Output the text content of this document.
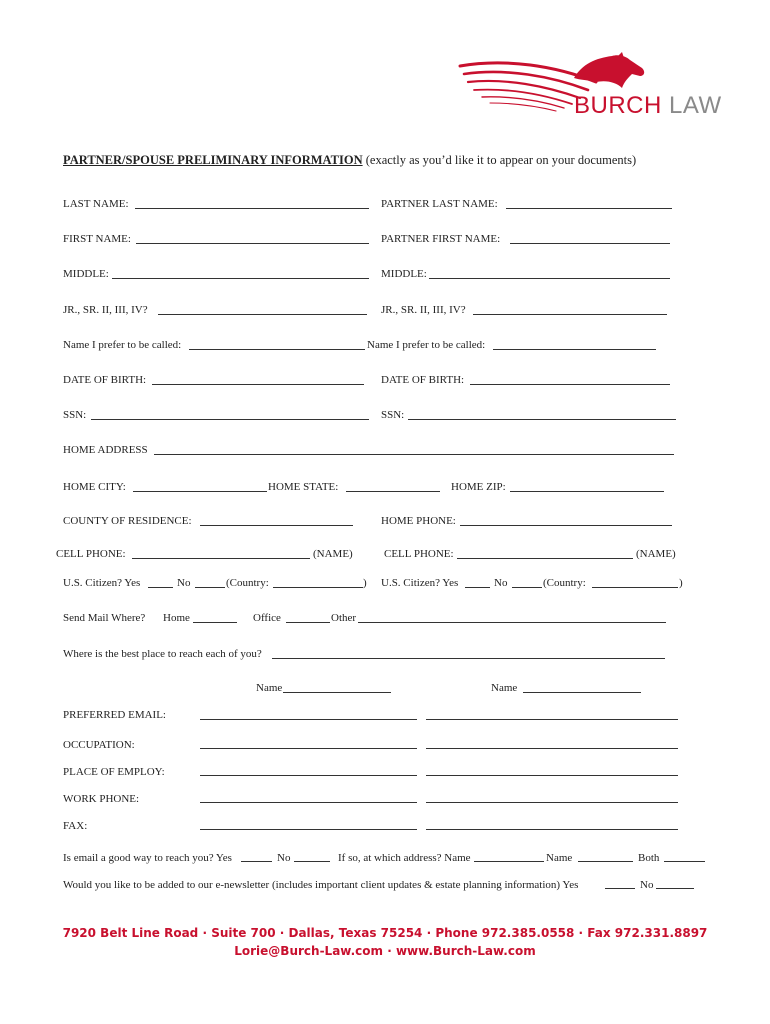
BURCH LAW
PARTNER/SPOUSE PRELIMINARY INFORMATION (exactly as you’d like it to appear on your documents)
LAST NAME:	PARTNER LAST NAME:
FIRST NAME:	PARTNER FIRST NAME:
MIDDLE:	MIDDLE:
JR., SR. II, III, IV?	JR., SR. II, III, IV?
Name I prefer to be called:	Name I prefer to be called:
DATE OF BIRTH:	DATE OF BIRTH:
SSN:	SSN:
HOME ADDRESS
HOME CITY:	HOME STATE:	HOME ZIP:
COUNTY OF RESIDENCE:	HOME PHONE:
CELL PHONE:	(NAME)	CELL PHONE:	(NAME)
U.S. Citizen? Yes	No	(Country:	) U.S. Citizen? Yes	No	(Country:	)
Send Mail Where? Home	Office	Other
Where is the best place to reach each of you?
Name	Name
PREFERRED EMAIL:
OCCUPATION:
PLACE OF EMPLOY:
WORK PHONE:
FAX:
Is email a good way to reach you? Yes	No	If so, at which address? Name	Name	Both
Would you like to be added to our e-newsletter (includes important client updates & estate planning information) Yes	No
7920 Belt Line Road · Suite 700 · Dallas, Texas 75254 · Phone 972.385.0558 · Fax 972.331.8897
Lorie@Burch-Law.com · www.Burch-Law.com
